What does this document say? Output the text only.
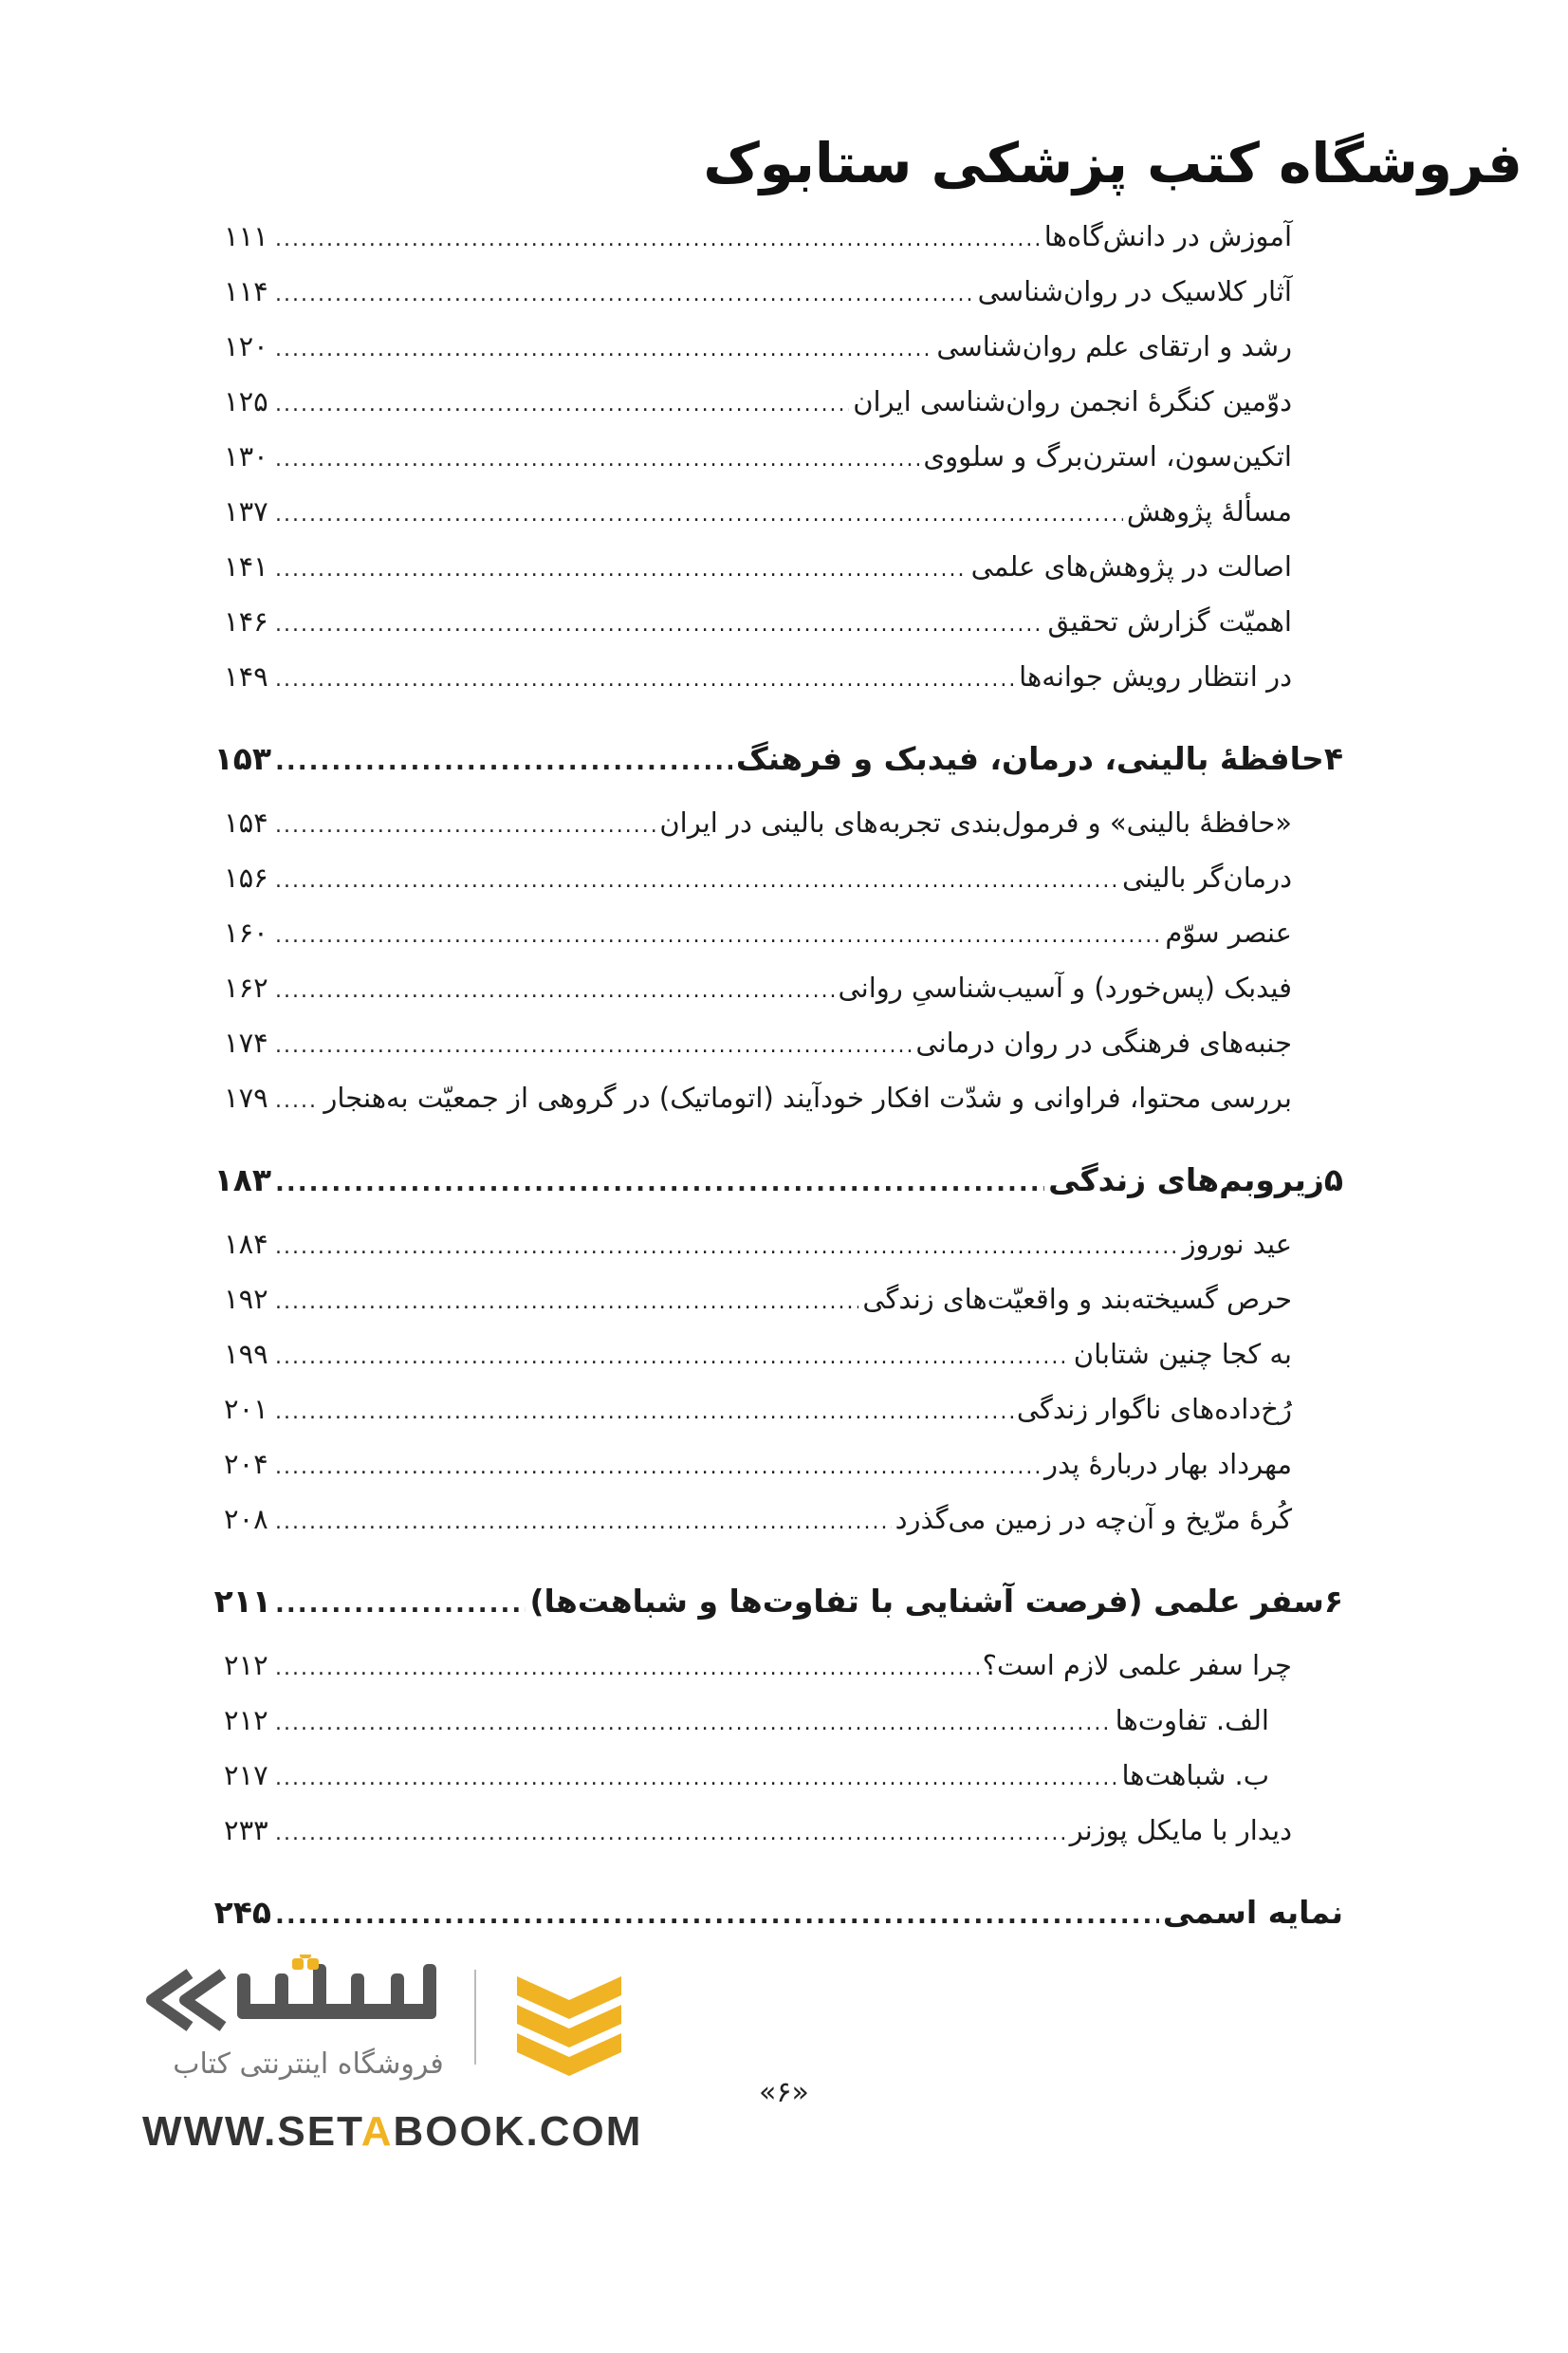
فروشگاه کتب پزشکی ستابوک
آموزش در دانش‌گاه‌ها
.....
۱۱۱
آثار کلاسیک در روان‌شناسی
.....
۱۱۴
رشد و ارتقای علم روان‌شناسی
.....
۱۲۰
دوّمین کنگرهٔ انجمن روان‌شناسی ایران
.....
۱۲۵
اتکین‌سون، استرن‌برگ و سلووی
.....
۱۳۰
مسألهٔ پژوهش
.....
۱۳۷
اصالت در پژوهش‌های علمی
.....
۱۴۱
اهمیّت گزارش تحقیق
.....
۱۴۶
در انتظار رویش جوانه‌ها
.....
۱۴۹
۴
حافظهٔ بالینی، درمان، فیدبک و فرهنگ
.....
۱۵۳
«حافظهٔ بالینی» و فرمول‌بندی تجربه‌های بالینی در ایران
.....
۱۵۴
درمان‌گر بالینی
.....
۱۵۶
عنصر سوّم
.....
۱۶۰
فیدبک (پس‌خورد) و آسیب‌شناسیِ روانی
.....
۱۶۲
جنبه‌های فرهنگی در روان درمانی
.....
۱۷۴
بررسی محتوا، فراوانی و شدّت افکار خودآیند (اتوماتیک) در گروهی از جمعیّت به‌هنجار
.....
۱۷۹
۵
زیروبم‌های زندگی
.....
۱۸۳
عید نوروز
.....
۱۸۴
حرص گسیخته‌بند و واقعیّت‌های زندگی
.....
۱۹۲
به کجا چنین شتابان
.....
۱۹۹
رُخ‌داده‌های ناگوار زندگی
.....
۲۰۱
مهرداد بهار دربارهٔ پدر
.....
۲۰۴
کُرهٔ مرّیخ و آن‌چه در زمین می‌گذرد
.....
۲۰۸
۶
سفر علمی (فرصت آشنایی با تفاوت‌ها و شباهت‌ها)
.....
۲۱۱
چرا سفر علمی لازم است؟
.....
۲۱۲
الف. تفاوت‌ها
.....
۲۱۲
ب. شباهت‌ها
.....
۲۱۷
دیدار با مایکل پوزنر
.....
۲۳۳
نمایه اسمی
.....
۲۴۵
فروشگاه اینترنتی کتاب
«۶»
WWW.SETABOOK.COM
